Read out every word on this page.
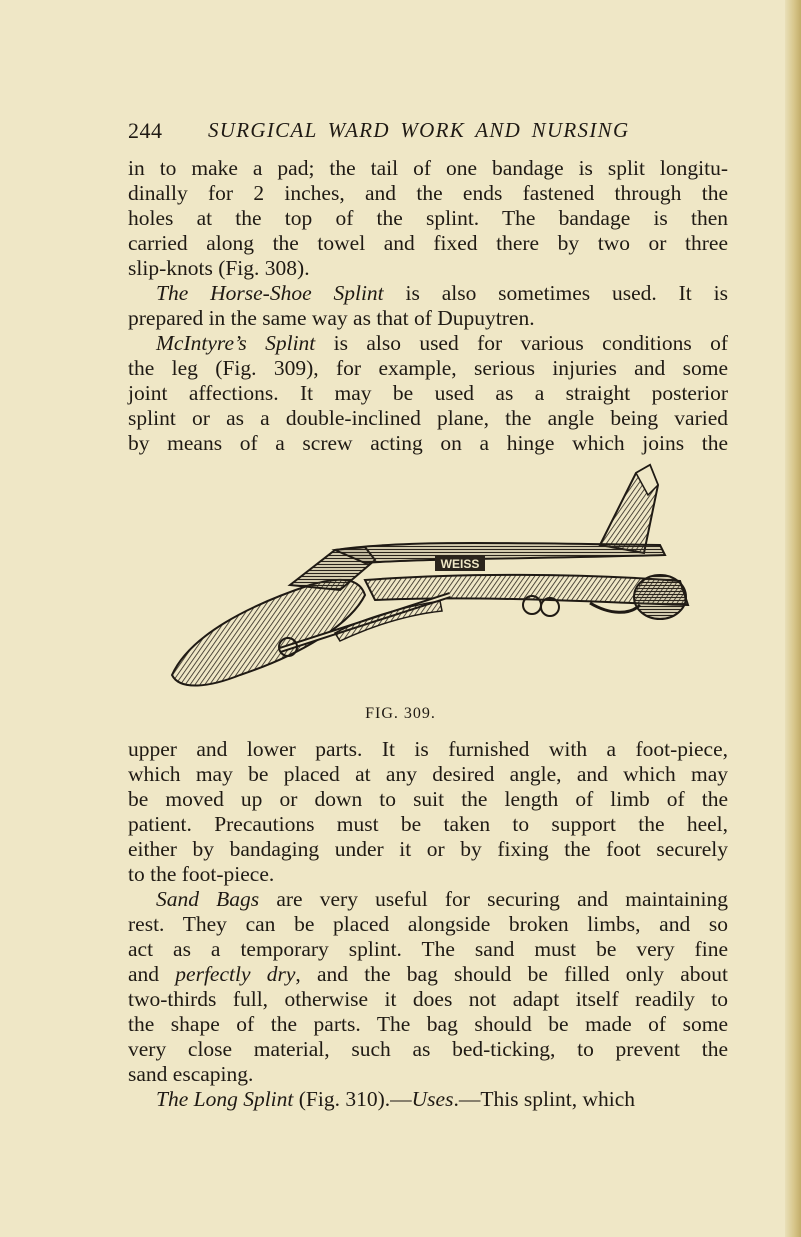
244 SURGICAL WARD WORK AND NURSING
in to make a pad; the tail of one bandage is split longitu-
dinally for 2 inches, and the ends fastened through the
holes at the top of the splint. The bandage is then
carried along the towel and fixed there by two or three
slip-knots (Fig. 308).
The Horse-Shoe Splint is also sometimes used. It is
prepared in the same way as that of Dupuytren.
McIntyre’s Splint is also used for various conditions of
the leg (Fig. 309), for example, serious injuries and some
joint affections. It may be used as a straight posterior
splint or as a double-inclined plane, the angle being varied
by means of a screw acting on a hinge which joins the
WEISS
FIG. 309.
upper and lower parts. It is furnished with a foot-piece,
which may be placed at any desired angle, and which may
be moved up or down to suit the length of limb of the
patient. Precautions must be taken to support the heel,
either by bandaging under it or by fixing the foot securely
to the foot-piece.
Sand Bags are very useful for securing and maintaining
rest. They can be placed alongside broken limbs, and so
act as a temporary splint. The sand must be very fine
and perfectly dry, and the bag should be filled only about
two-thirds full, otherwise it does not adapt itself readily to
the shape of the parts. The bag should be made of some
very close material, such as bed-ticking, to prevent the
sand escaping.
The Long Splint (Fig. 310).—Uses.—This splint, which
